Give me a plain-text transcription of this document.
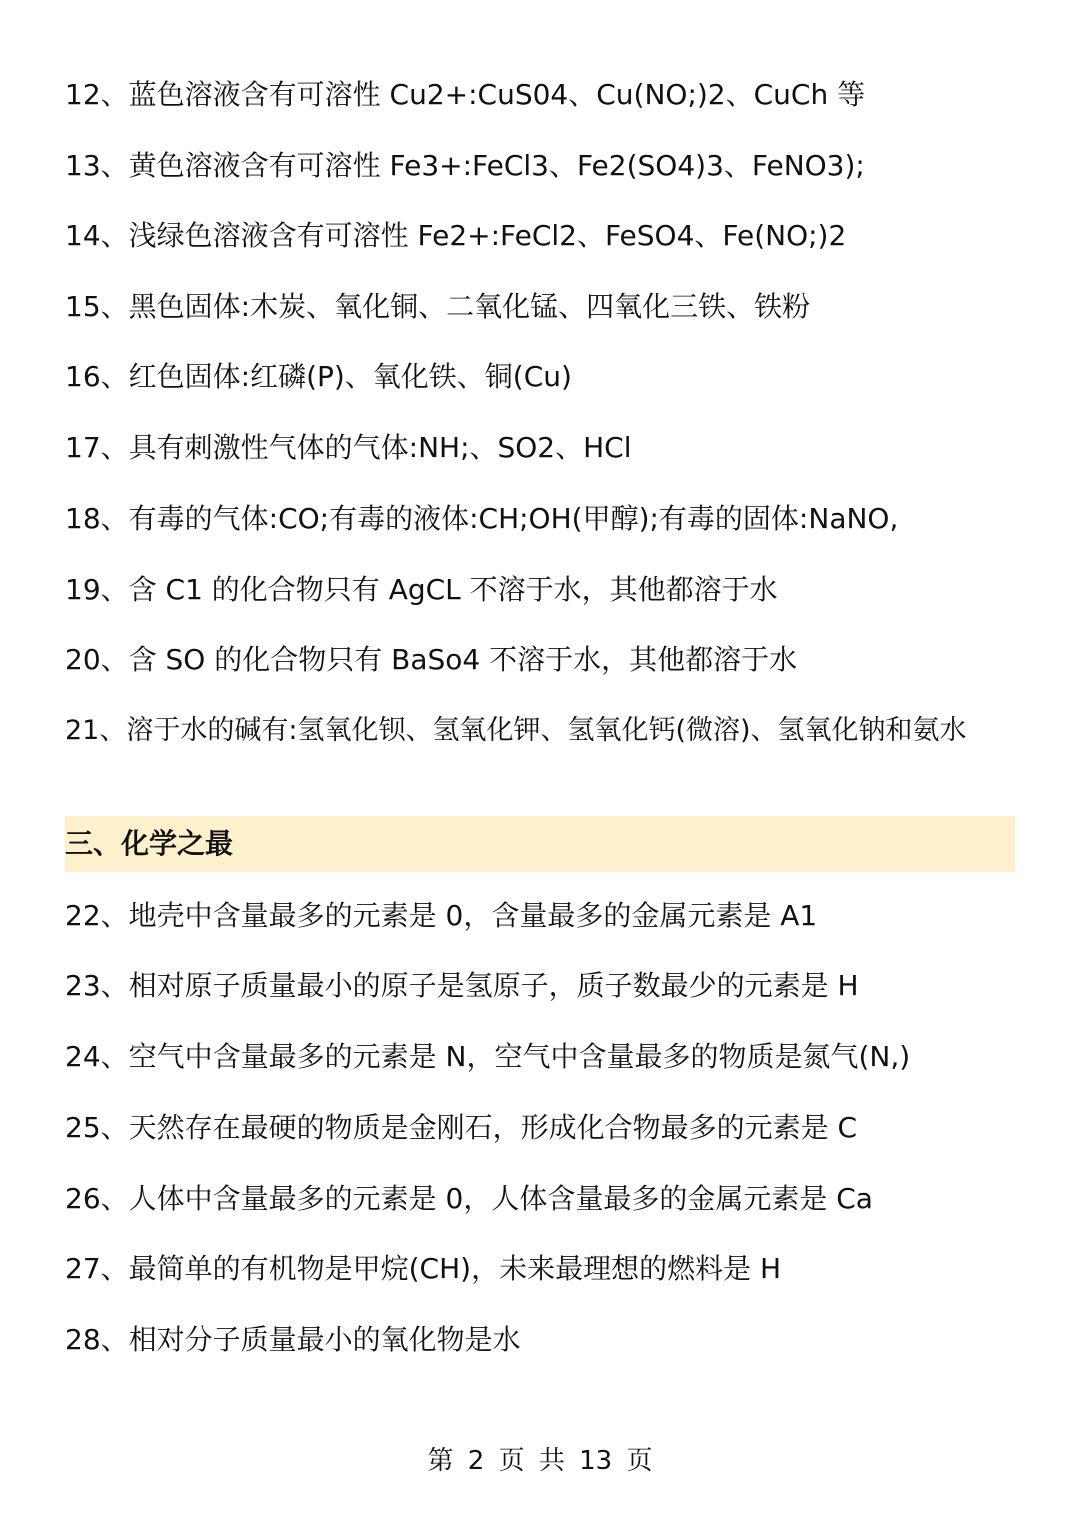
12、蓝色溶液含有可溶性 Cu2+:CuS04、Cu(NO;)2、CuCh 等
13、黄色溶液含有可溶性 Fe3+:FeCl3、Fe2(SO4)3、FeNO3);
14、浅绿色溶液含有可溶性 Fe2+:FeCl2、FeSO4、Fe(NO;)2
15、黑色固体:木炭、氧化铜、二氧化锰、四氧化三铁、铁粉
16、红色固体:红磷(P)、氧化铁、铜(Cu)
17、具有刺激性气体的气体:NH;、SO2、HCl
18、有毒的气体:CO;有毒的液体:CH;OH(甲醇);有毒的固体:NaNO,
19、含 C1 的化合物只有 AgCL 不溶于水，其他都溶于水
20、含 SO 的化合物只有 BaSo4 不溶于水，其他都溶于水
21、溶于水的碱有:氢氧化钡、氢氧化钾、氢氧化钙(微溶)、氢氧化钠和氨水
三、化学之最
22、地壳中含量最多的元素是 0，含量最多的金属元素是 A1
23、相对原子质量最小的原子是氢原子，质子数最少的元素是 H
24、空气中含量最多的元素是 N，空气中含量最多的物质是氮气(N,)
25、天然存在最硬的物质是金刚石，形成化合物最多的元素是 C
26、人体中含量最多的元素是 0，人体含量最多的金属元素是 Ca
27、最简单的有机物是甲烷(CH)，未来最理想的燃料是 H
28、相对分子质量最小的氧化物是水
第 2 页 共 13 页
